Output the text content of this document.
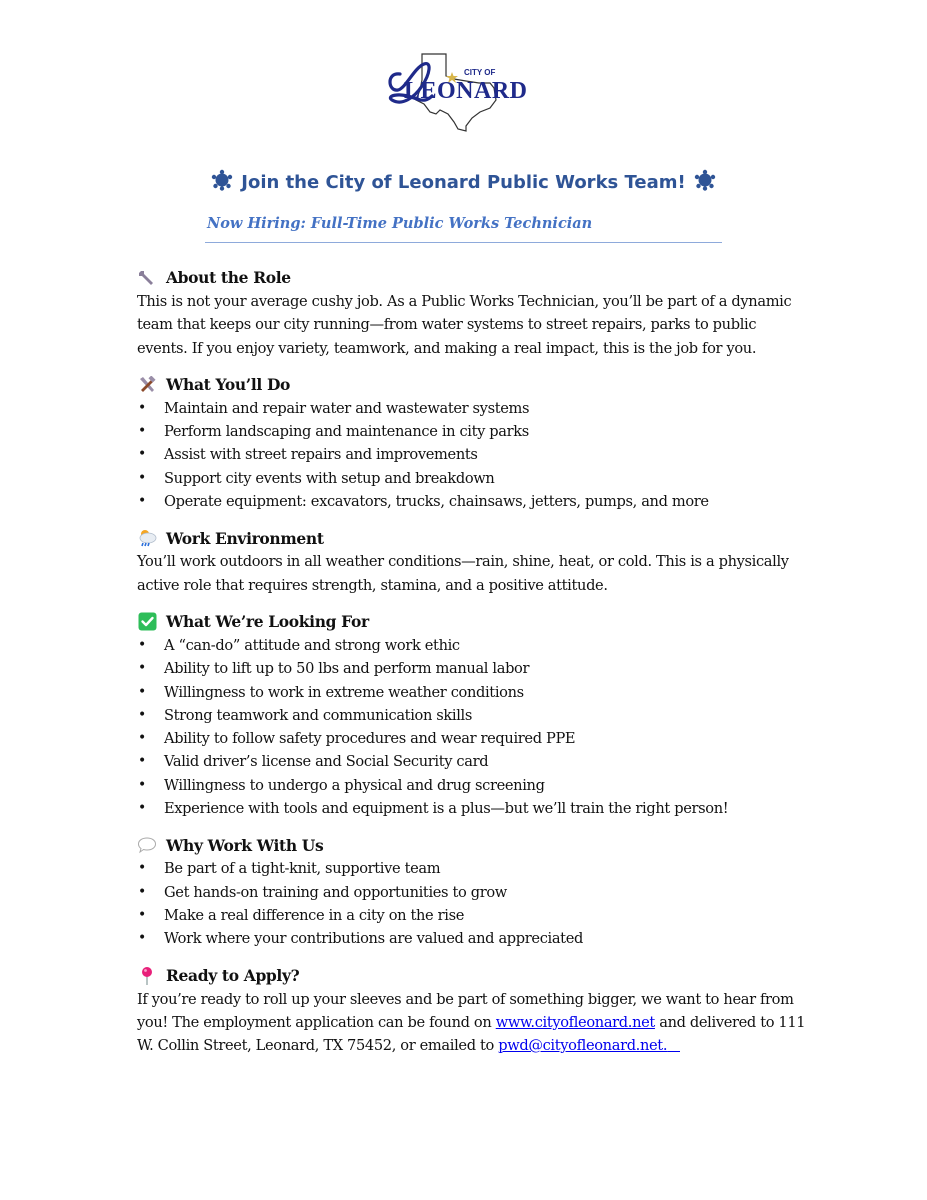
CITY OF
LEONARD
Join the City of Leonard Public Works Team!
Now Hiring: Full-Time Public Works Technician
About the Role

This is not your average cushy job. As a Public Works Technician, you’ll be part of a dynamic team that keeps our city running—from water systems to street repairs, parks to public events. If you enjoy variety, teamwork, and making a real impact, this is the job for you.

What You’ll Do
• Maintain and repair water and wastewater systems
• Perform landscaping and maintenance in city parks
• Assist with street repairs and improvements
• Support city events with setup and breakdown
• Operate equipment: excavators, trucks, chainsaws, jetters, pumps, and more
Work Environment

You’ll work outdoors in all weather conditions—rain, shine, heat, or cold. This is a physically active role that requires strength, stamina, and a positive attitude.

What We’re Looking For
• A “can-do” attitude and strong work ethic
• Ability to lift up to 50 lbs and perform manual labor
• Willingness to work in extreme weather conditions
• Strong teamwork and communication skills
• Ability to follow safety procedures and wear required PPE
• Valid driver’s license and Social Security card
• Willingness to undergo a physical and drug screening
• Experience with tools and equipment is a plus—but we’ll train the right person!
Why Work With Us
• Be part of a tight-knit, supportive team
• Get hands-on training and opportunities to grow
• Make a real difference in a city on the rise
• Work where your contributions are valued and appreciated
Ready to Apply?

If you’re ready to roll up your sleeves and be part of something bigger, we want to hear from you! The employment application can be found on www.cityofleonard.net and delivered to 111 W. Collin Street, Leonard, TX 75452, or emailed to pwd@cityofleonard.net.
